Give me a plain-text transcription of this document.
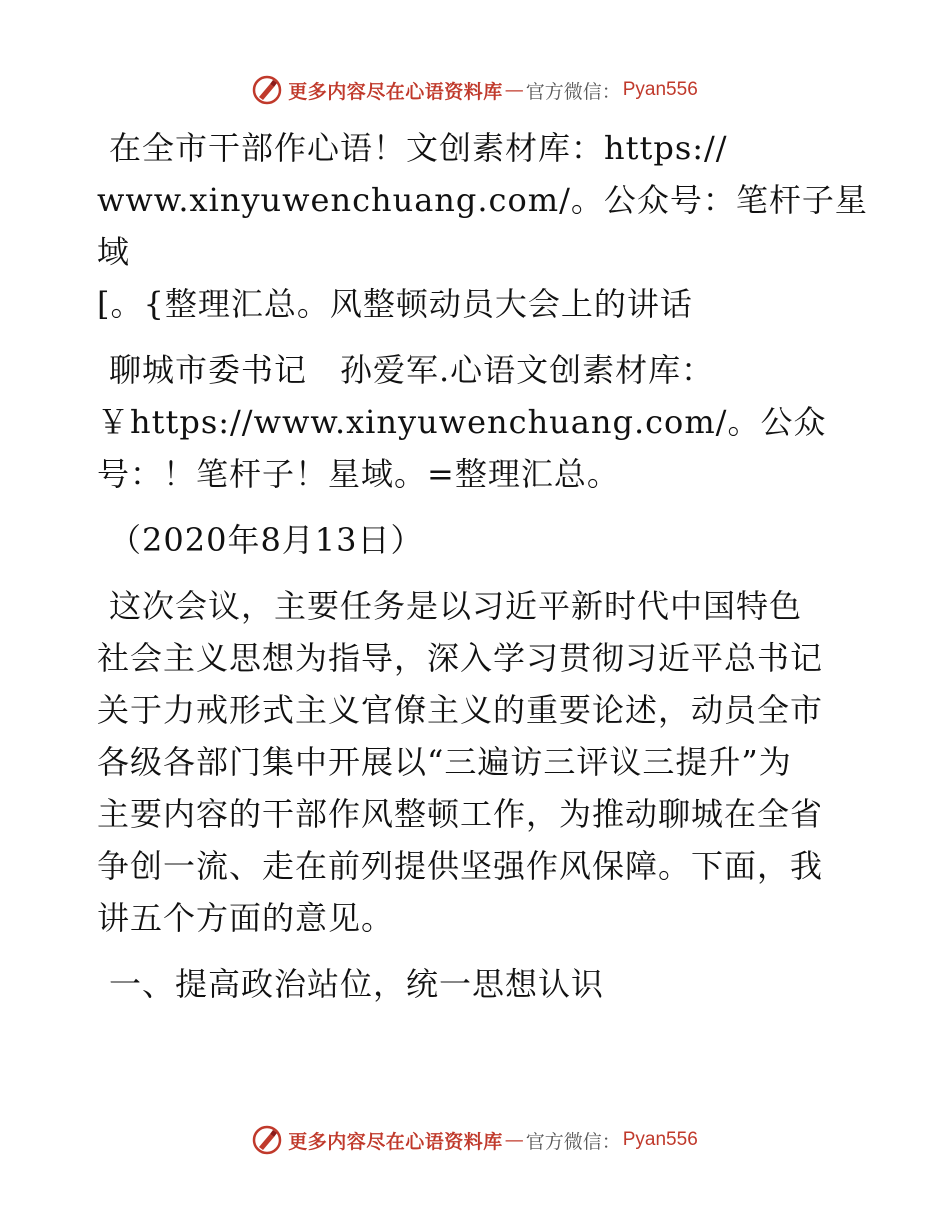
更多内容尽在心语资料库 — 官方微信： Pyan556
在全市干部作心语！文创素材库：https://
www.xinyuwenchuang.com/。公众号：笔杆子星域
[。{整理汇总。风整顿动员大会上的讲话
聊城市委书记　孙爱军.心语文创素材库：
￥https://www.xinyuwenchuang.com/。公众
号：！笔杆子！星域。=整理汇总。
（2020年8月13日）
这次会议，主要任务是以习近平新时代中国特色
社会主义思想为指导，深入学习贯彻习近平总书记
关于力戒形式主义官僚主义的重要论述，动员全市
各级各部门集中开展以“三遍访三评议三提升”为
主要内容的干部作风整顿工作，为推动聊城在全省
争创一流、走在前列提供坚强作风保障。下面，我
讲五个方面的意见。
一、提高政治站位，统一思想认识
更多内容尽在心语资料库 — 官方微信： Pyan556
